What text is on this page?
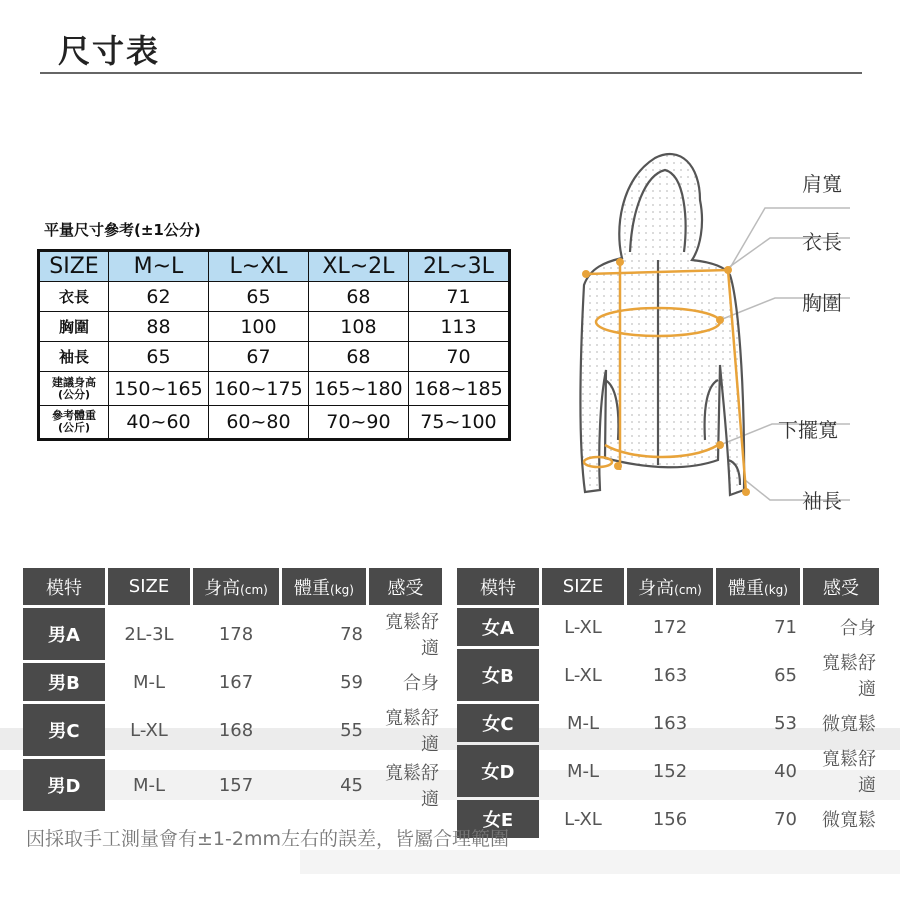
尺寸表
平量尺寸參考(±1公分)
SIZE	M~L	L~XL	XL~2L	2L~3L
衣長	62	65	68	71
胸圍	88	100	108	113
袖長	65	67	68	70
建議身高
(公分)	150~165	160~175	165~180	168~185
參考體重
(公斤)	40~60	60~80	70~90	75~100
肩寬
衣長
胸圍
下擺寬
袖長
模特	SIZE	身高(cm)	體重(kg)	感受
男A	2L-3L	178	78	寬鬆舒適
男B	M-L	167	59	合身
男C	L-XL	168	55	寬鬆舒適
男D	M-L	157	45	寬鬆舒適
模特	SIZE	身高(cm)	體重(kg)	感受
女A	L-XL	172	71	合身
女B	L-XL	163	65	寬鬆舒適
女C	M-L	163	53	微寬鬆
女D	M-L	152	40	寬鬆舒適
女E	L-XL	156	70	微寬鬆
因採取手工測量會有±1-2mm左右的誤差，皆屬合理範圍
